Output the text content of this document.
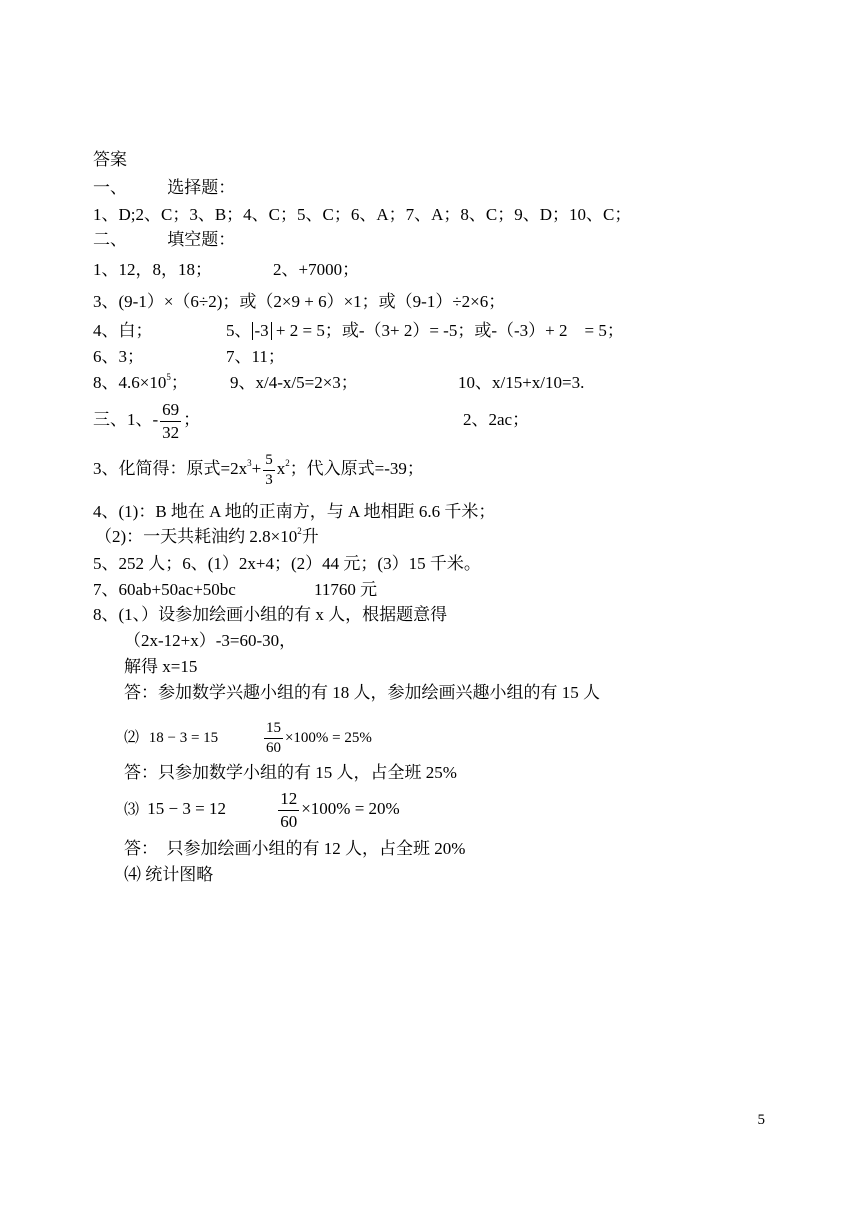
答案
一、 选择题：
1、D;2、C；3、B；4、C；5、C；6、A；7、A；8、C；9、D；10、C；
二、 填空题：
1、12，8，18；	2、+7000；
3、(9-1）×（6÷2)；或（2×9 + 6）×1；或（9-1）÷2×6；
4、白；	5、 -3 + 2 = 5；或-（3+ 2）= -5；或-（-3）+ 2　= 5；
6、3；	7、11；
8、$4.6\times 10^5$； 9、x/4-x/5=2×3；	10、x/15+x/10=3.
三、1、- $\frac{69}{32}$ ；	2、2ac；
3、化简得：原式$=2x^3+ \frac{5}{3} x^2$；代入原式=-39；
4、(1)：B 地在 A 地的正南方，与 A 地相距 6.6 千米；
（2)：一天共耗油约 $2.8\times 10^2$升
5、252 人；6、(1）2x+4；(2）44 元；(3）15 千米。
7、60ab+50ac+50bc	11760 元
8、(1、）设参加绘画小组的有 x 人，根据题意得
（2x-12+x）-3=60-30，
解得 x=15
答：参加数学兴趣小组的有 18 人，参加绘画兴趣小组的有 15 人
⑵ 18 − 3 = 15	$\frac{15}{60} \times 100\% = 25\%$
答：只参加数学小组的有 15 人，占全班 25%
⑶ 15 − 3 = 12	$\frac{12}{60} \times 100\% = 20\%$
答：　只参加绘画小组的有 12 人，占全班 20%
⑷ 统计图略
5
